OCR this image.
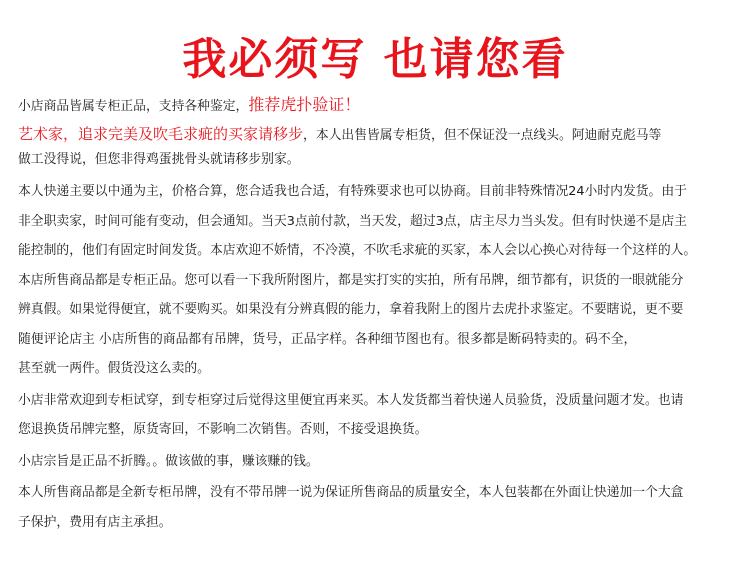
我必须写 也请您看
小店商品皆属专柜正品，支持各种鉴定，推荐虎扑验证！
艺术家，追求完美及吹毛求疵的买家请移步，本人出售皆属专柜货，但不保证没一点线头。阿迪耐克彪马等
做工没得说，但您非得鸡蛋挑骨头就请移步别家。
本人快递主要以中通为主，价格合算，您合适我也合适，有特殊要求也可以协商。目前非特殊情况24小时内发货。由于
非全职卖家，时间可能有变动，但会通知。当天3点前付款，当天发，超过3点，店主尽力当头发。但有时快递不是店主
能控制的，他们有固定时间发货。本店欢迎不娇情，不冷漠，不吹毛求疵的买家，本人会以心换心对待每一个这样的人。
本店所售商品都是专柜正品。您可以看一下我所附图片，都是实打实的实拍，所有吊牌，细节都有，识货的一眼就能分
辨真假。如果觉得便宜，就不要购买。如果没有分辨真假的能力，拿着我附上的图片去虎扑求鉴定。不要瞎说，更不要
随便评论店主 小店所售的商品都有吊牌，货号，正品字样。各种细节图也有。很多都是断码特卖的。码不全，
甚至就一两件。假货没这么卖的。
小店非常欢迎到专柜试穿，到专柜穿过后觉得这里便宜再来买。本人发货都当着快递人员验货，没质量问题才发。也请
您退换货吊牌完整，原货寄回，不影响二次销售。否则，不接受退换货。
小店宗旨是正品不折腾。。做该做的事，赚该赚的钱。
本人所售商品都是全新专柜吊牌，没有不带吊牌一说为保证所售商品的质量安全，本人包装都在外面让快递加一个大盒
子保护，费用有店主承担。
